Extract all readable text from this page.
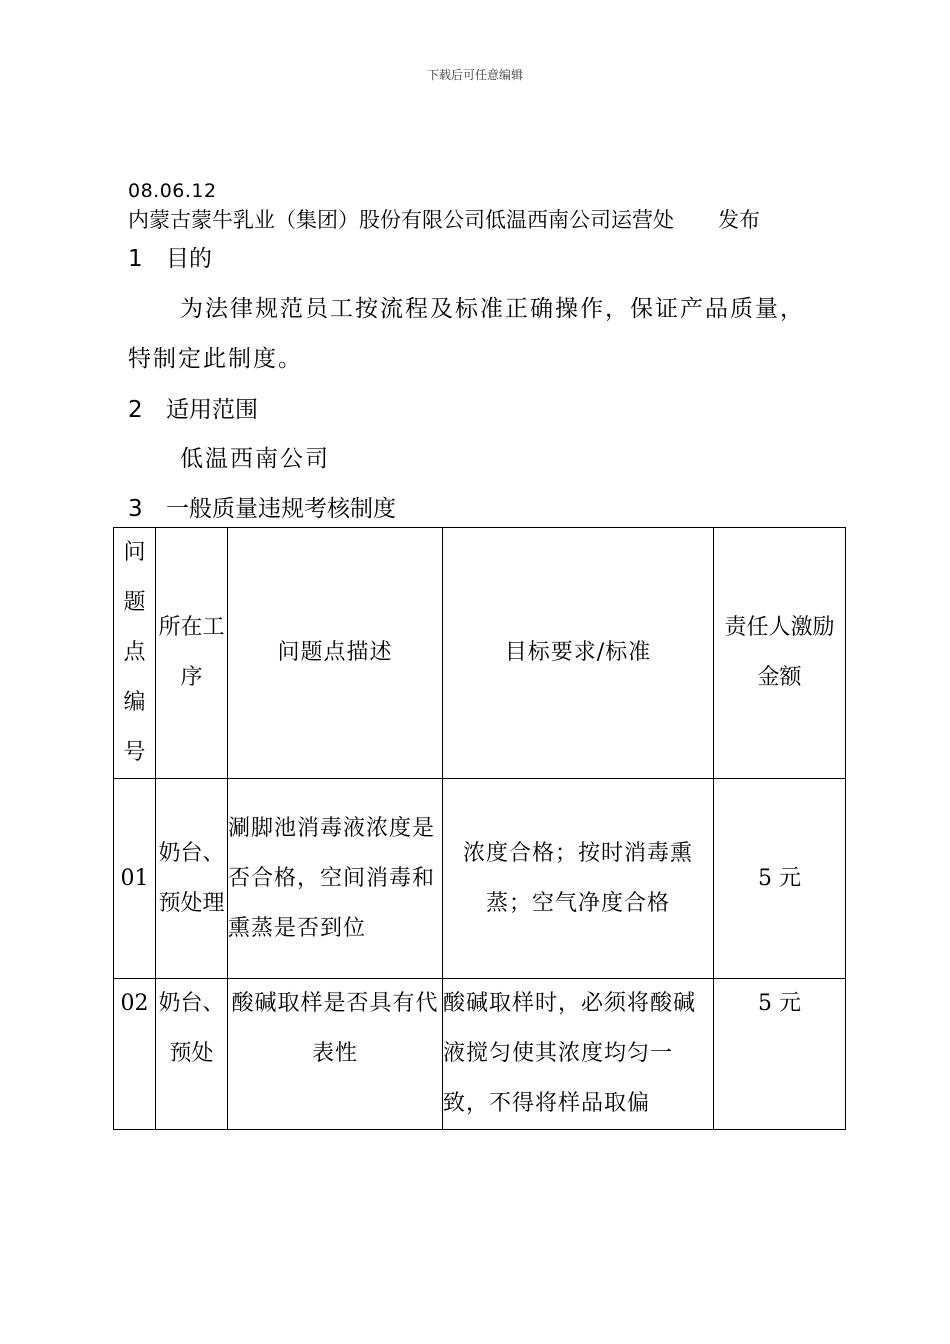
下载后可任意编辑
08.06.12
内蒙古蒙牛乳业（集团）股份有限公司低温西南公司运营处 发布
1 目的
为法律规范员工按流程及标准正确操作，保证产品质量，
特制定此制度。
2 适用范围
低温西南公司
3 一般质量违规考核制度
问题点编号	所在工序	问题点描述	目标要求/标准	责任人激励金额
01	奶台、预处理	涮脚池消毒液浓度是否合格，空间消毒和熏蒸是否到位	浓度合格；按时消毒熏蒸；空气净度合格	5 元
02	奶台、预处	酸碱取样是否具有代表性	酸碱取样时，必须将酸碱液搅匀使其浓度均匀一致，不得将样品取偏	5 元
